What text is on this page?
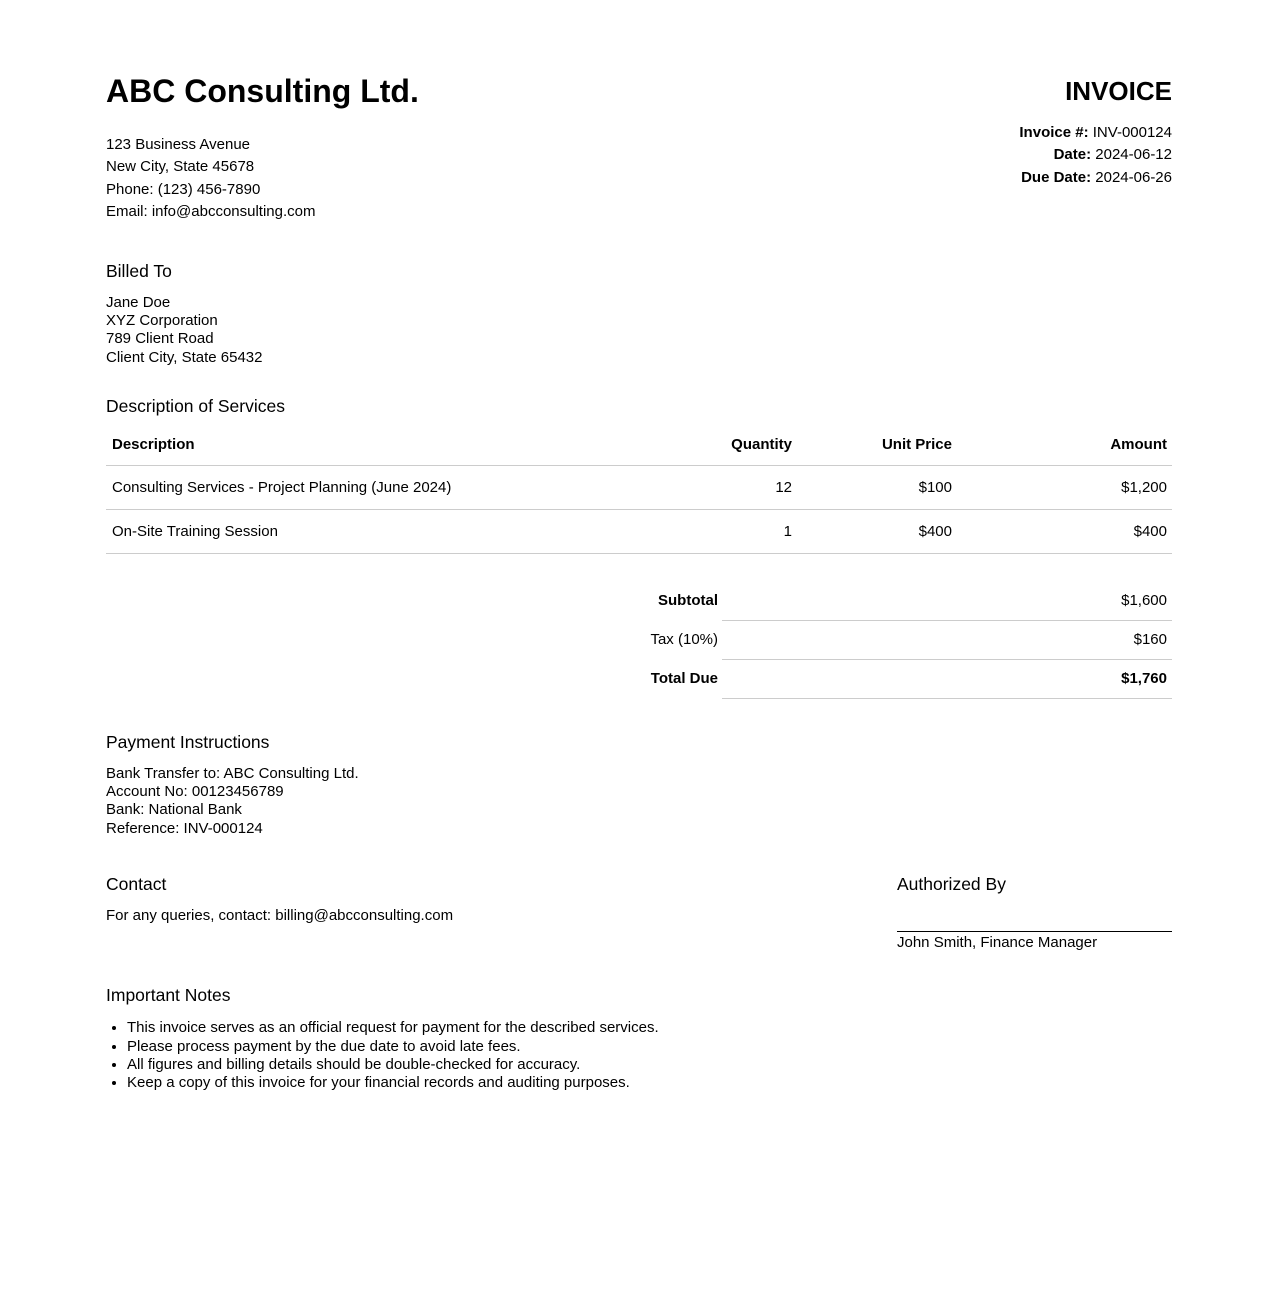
ABC Consulting Ltd.

123 Business Avenue

New City, State 45678

Phone: (123) 456-7890

Email: info@abcconsulting.com

INVOICE
Invoice #: INV-000124
Date: 2024-06-12
Due Date: 2024-06-26
Billed To

Jane Doe

XYZ Corporation

789 Client Road

Client City, State 65432

Description of Services
Description	Quantity	Unit Price	Amount
Consulting Services - Project Planning (June 2024)	12	$100	$1,200
On-Site Training Session	1	$400	$400
Subtotal	$1,600
Tax (10%)	$160
Total Due	$1,760
Payment Instructions

Bank Transfer to: ABC Consulting Ltd.

Account No: 00123456789

Bank: National Bank

Reference: INV-000124

Contact

For any queries, contact: billing@abcconsulting.com

Authorized By

John Smith, Finance Manager

Important Notes
• This invoice serves as an official request for payment for the described services.
• Please process payment by the due date to avoid late fees.
• All figures and billing details should be double-checked for accuracy.
• Keep a copy of this invoice for your financial records and auditing purposes.
